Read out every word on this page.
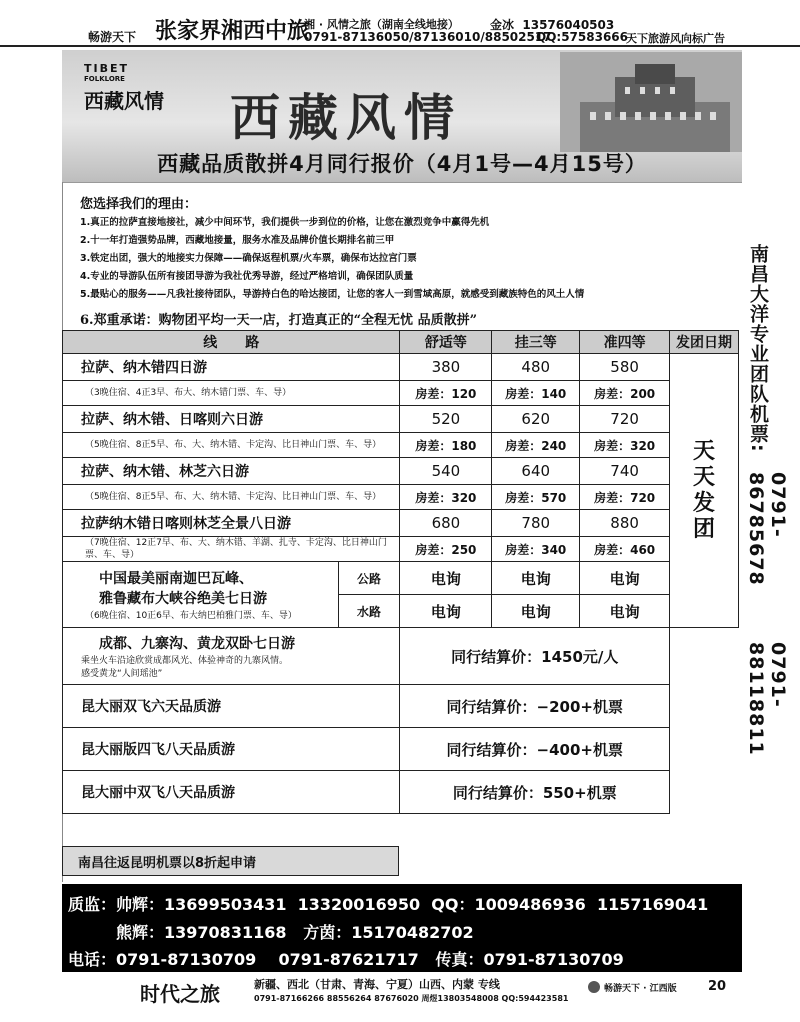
畅游天下 张家界湘西中旅
湘 · 风情之旅（湖南全线地接）	金冰 13576040503
0791-87136050/87136010/88502517
QQ:57583666
天下旅游风向标广告
TIBET
FOLKLORE
西藏风情 西藏风情
西藏品质散拼4月同行报价（4月1号—4月15号）
您选择我们的理由：
1.真正的拉萨直接地接社，减少中间环节，我们提供一步到位的价格，让您在激烈竞争中赢得先机
2.十一年打造强势品牌，西藏地接量，服务水准及品牌价值长期排名前三甲
3.铁定出团，强大的地接实力保障——确保返程机票/火车票，确保布达拉宫门票
4.专业的导游队伍所有接团导游为我社优秀导游，经过严格培训，确保团队质量
5.最贴心的服务——凡我社接待团队，导游持白色的哈达接团，让您的客人一到雪域高原，就感受到藏族特色的风土人情
6.郑重承诺：购物团平均一天一店，打造真正的“全程无忧 品质散拼”	南昌大洋专业团队机票:
0791-86785678
0791-88118811
线　　路		舒适等	挂三等	准四等	发团日期
拉萨、纳木错四日游		380	480	580	天天发团

（3晚住宿、4正3早、布大、纳木错门票、车、导）		房差：120	房差：140	房差：200	
拉萨、纳木错、日喀则六日游		520	620	720	
（5晚住宿、8正5早、布、大、纳木错、卡定沟、比日神山门票、车、导）		房差：180	房差：240	房差：320	
拉萨、纳木错、林芝六日游		540	640	740	
（5晚住宿、8正5早、布、大、纳木错、卡定沟、比日神山门票、车、导）		房差：320	房差：570	房差：720	
拉萨纳木错日喀则林芝全景八日游		680	780	880	
（7晚住宿、12正7早、布、大、纳木错、羊湖、扎寺、卡定沟、比日神山门票、车、导）		房差：250	房差：340	房差：460	

中国最美丽南迦巴瓦峰、
雅鲁藏布大峡谷绝美七日游
（6晚住宿、10正6早、布大纳巴柏雅门票、车、导）	公路	电询	电询	电询	
	水路	电询	电询	电询	

成都、九寨沟、黄龙双卧七日游
乘坐火车沿途欣赏成都风光、体验神奇的九寨风情。
感受黄龙“人间瑶池”		同行结算价：1450元/人			
昆大丽双飞六天品质游		同行结算价：−200+机票			
昆大丽版四飞八天品质游		同行结算价：−400+机票			
昆大丽中双飞八天品质游		同行结算价：550+机票			
南昌往返昆明机票以8折起申请
质监：帅辉：13699503431 13320016950 QQ：1009486936 1157169041
熊辉：13970831168 方茵：15170482702
电话：0791-87130709 0791-87621717 传真：0791-87130709
时代之旅	新疆、西北（甘肃、青海、宁夏）山西、内蒙 专线
0791-87166266 88556264 87676020 周煜13803548008 QQ:594423581
畅游天下 · 江西版 20
